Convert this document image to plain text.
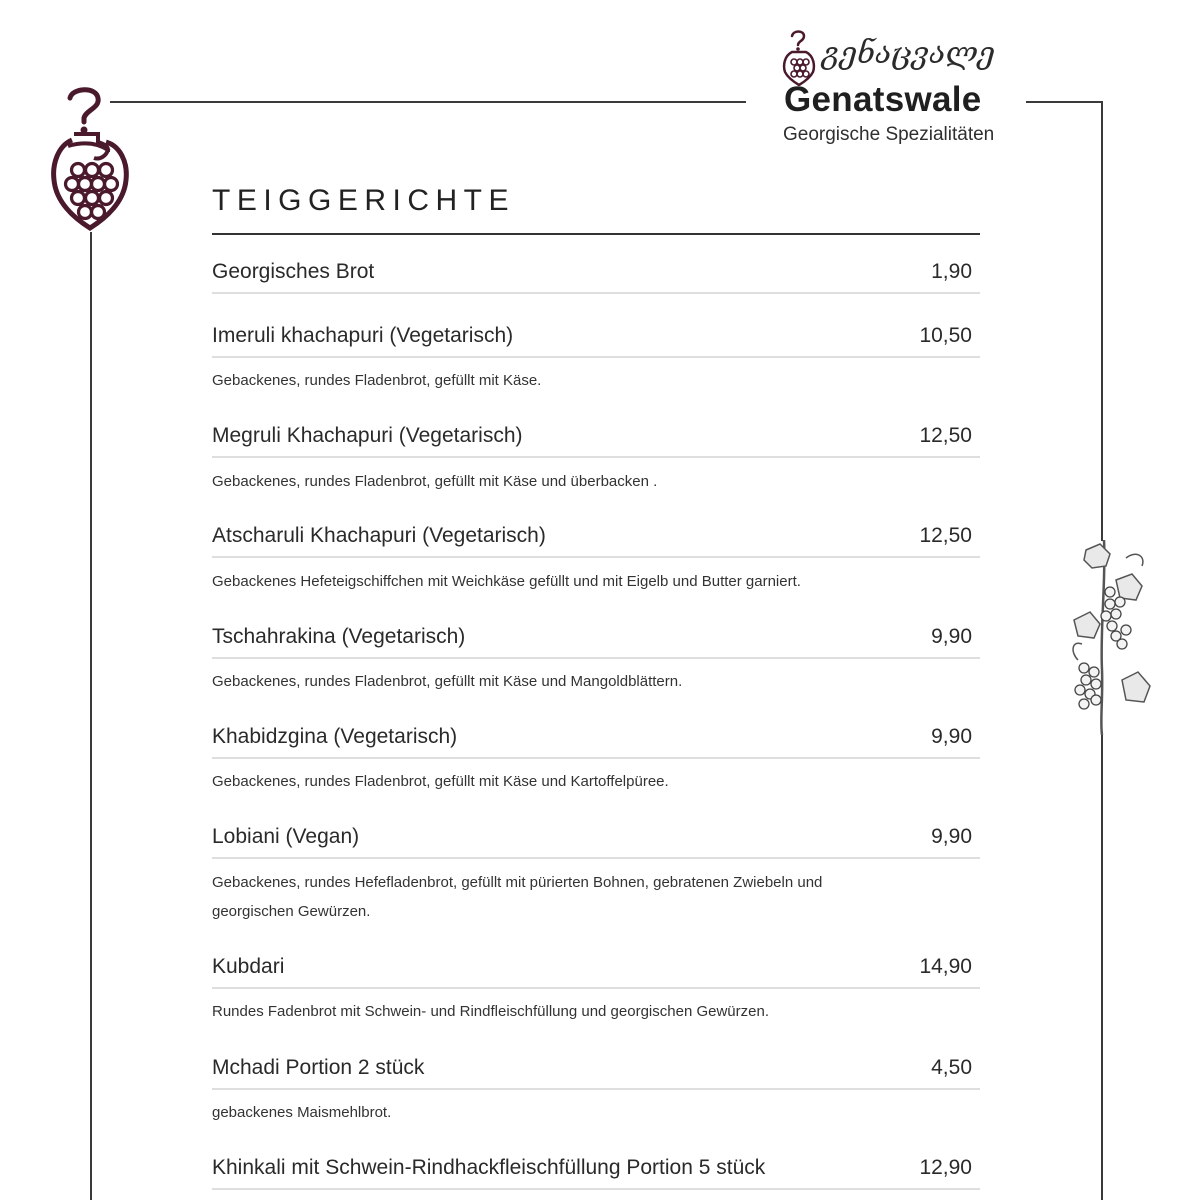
გენაცვალე
Genatswale
Georgische Spezialitäten
TEIGGERICHTE
Georgisches Brot	1,90
Imeruli khachapuri (Vegetarisch)	10,50
Gebackenes, rundes Fladenbrot, gefüllt mit Käse.
Megruli Khachapuri (Vegetarisch)	12,50
Gebackenes, rundes Fladenbrot, gefüllt mit Käse und überbacken .
Atscharuli Khachapuri (Vegetarisch)	12,50
Gebackenes Hefeteigschiffchen mit Weichkäse gefüllt und mit Eigelb und Butter garniert.
Tschahrakina (Vegetarisch)	9,90
Gebackenes, rundes Fladenbrot, gefüllt mit Käse und Mangoldblättern.
Khabidzgina (Vegetarisch)	9,90
Gebackenes, rundes Fladenbrot, gefüllt mit Käse und Kartoffelpüree.
Lobiani (Vegan)	9,90
Gebackenes, rundes Hefefladenbrot, gefüllt mit pürierten Bohnen, gebratenen Zwiebeln und georgischen Gewürzen.
Kubdari	14,90
Rundes Fadenbrot mit Schwein- und Rindfleischfüllung und georgischen Gewürzen.
Mchadi Portion 2 stück	4,50
gebackenes Maismehlbrot.
Khinkali mit Schwein-Rindhackfleischfüllung Portion 5 stück	12,90
